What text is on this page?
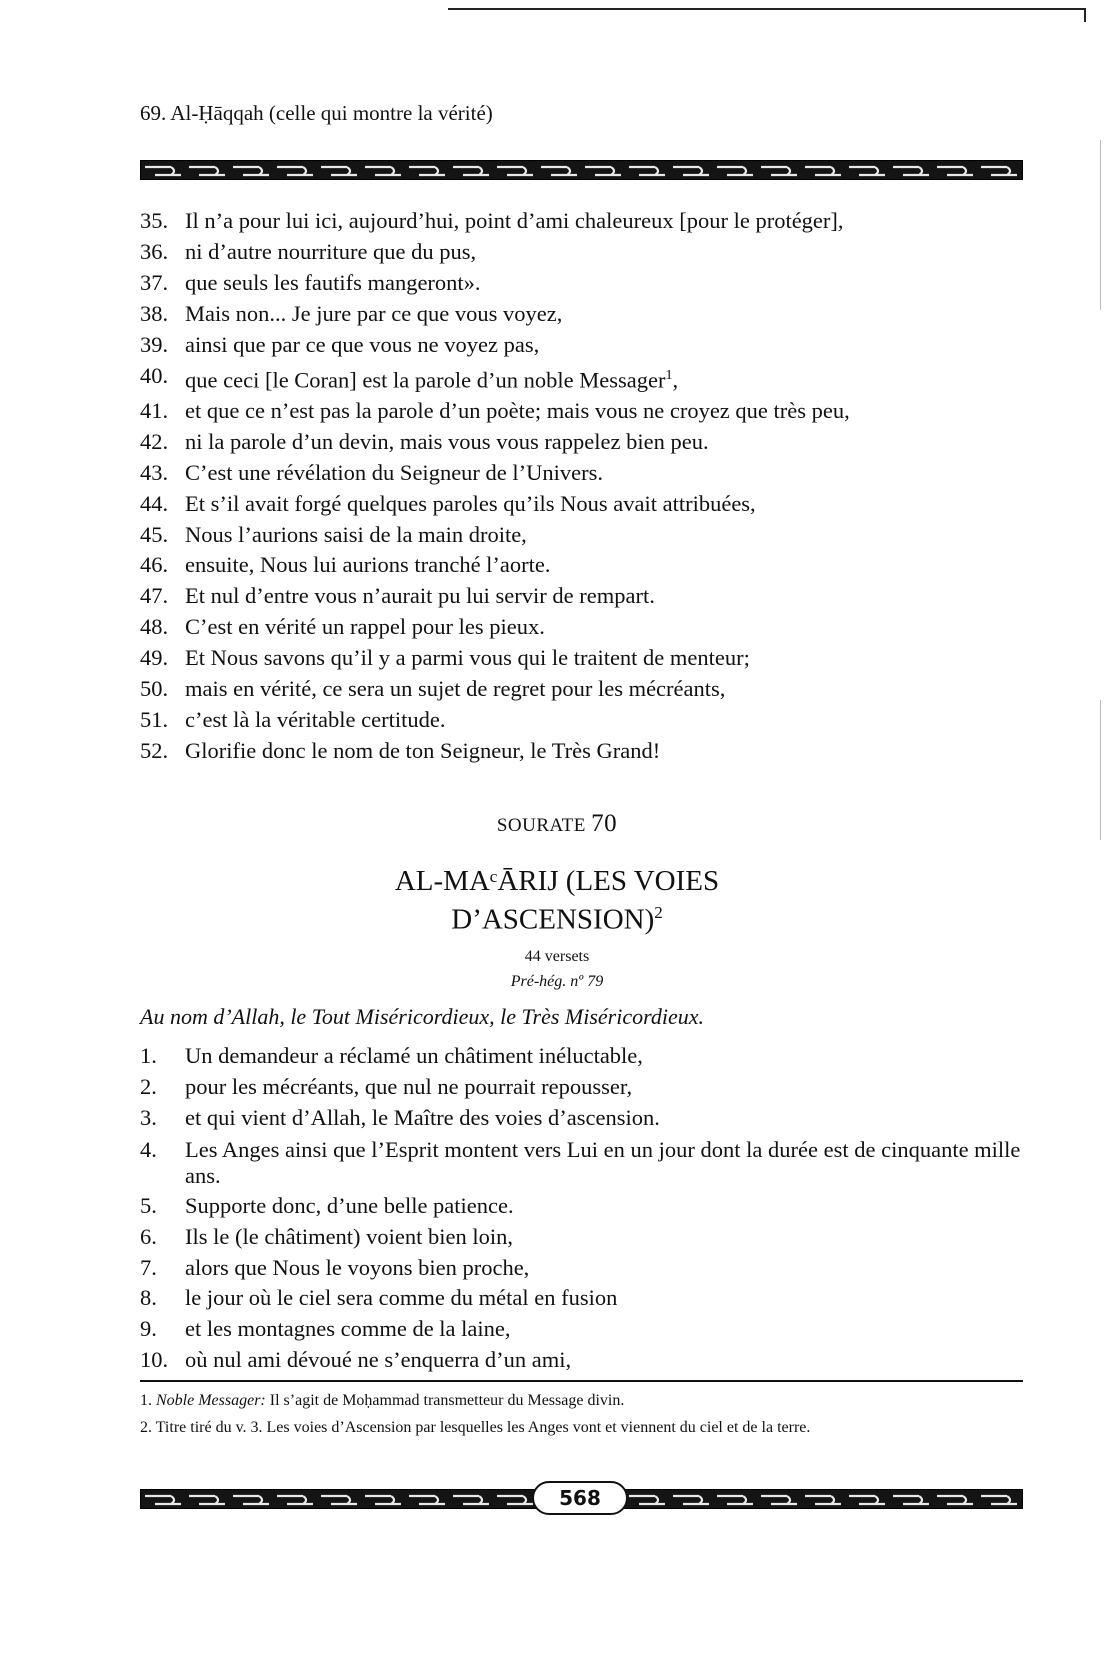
69. Al-Ḥāqqah (celle qui montre la vérité)
35. Il n’a pour lui ici, aujourd’hui, point d’ami chaleureux [pour le protéger],
36. ni d’autre nourriture que du pus,
37. que seuls les fautifs mangeront».
38. Mais non... Je jure par ce que vous voyez,
39. ainsi que par ce que vous ne voyez pas,
40. que ceci [le Coran] est la parole d’un noble Messager$^1$,
41. et que ce n’est pas la parole d’un poète; mais vous ne croyez que très peu,
42. ni la parole d’un devin, mais vous vous rappelez bien peu.
43. C’est une révélation du Seigneur de l’Univers.
44. Et s’il avait forgé quelques paroles qu’ils Nous avait attribuées,
45. Nous l’aurions saisi de la main droite,
46. ensuite, Nous lui aurions tranché l’aorte.
47. Et nul d’entre vous n’aurait pu lui servir de rempart.
48. C’est en vérité un rappel pour les pieux.
49. Et Nous savons qu’il y a parmi vous qui le traitent de menteur;
50. mais en vérité, ce sera un sujet de regret pour les mécréants,
51. c’est là la véritable certitude.
52. Glorifie donc le nom de ton Seigneur, le Très Grand!
SOURATE 70
AL-MAᶜĀRIJ (LES VOIES
D’ASCENSION)$^2$
44 versets
Pré-hég. nº 79
Au nom d’Allah, le Tout Miséricordieux, le Très Miséricordieux.
1.	Un demandeur a réclamé un châtiment inéluctable,
2.	pour les mécréants, que nul ne pourrait repousser,
3.	et qui vient d’Allah, le Maître des voies d’ascension.
4.	Les Anges ainsi que l’Esprit montent vers Lui en un jour dont la durée est de cinquante mille ans.
5.	Supporte donc, d’une belle patience.
6.	Ils le (le châtiment) voient bien loin,
7.	alors que Nous le voyons bien proche,
8.	le jour où le ciel sera comme du métal en fusion
9.	et les montagnes comme de la laine,
10. où nul ami dévoué ne s’enquerra d’un ami,

1. Noble Messager: Il s’agit de Moḥammad transmetteur du Message divin.

2. Titre tiré du v. 3. Les voies d’Ascension par lesquelles les Anges vont et viennent du ciel et de la terre.

568
